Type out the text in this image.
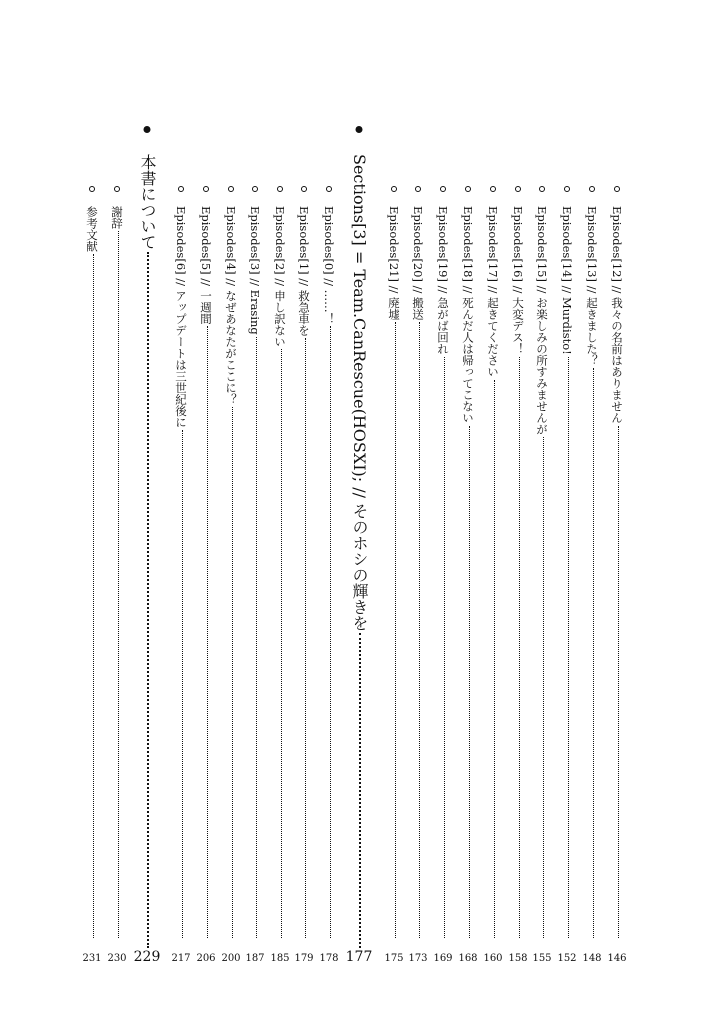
Episodes[12] // 我々の名前はありません
146
Episodes[13] // 起きました？
148
Episodes[14] // Murdisto!
152
Episodes[15] // お楽しみの所すみませんが
155
Episodes[16] // 大変デス！
158
Episodes[17] // 起きてください
160
Episodes[18] // 死んだ人は帰ってこない
168
Episodes[19] // 急がば回れ
169
Episodes[20] // 搬送
173
Episodes[21] // 廃墟
175
Sections[3] = Team.CanRescue(HOSXI); // そのホシの輝きを
177
Episodes[0] // ……！
178
Episodes[1] // 救急車を
179
Episodes[2] // 申し訳ない
185
Episodes[3] // Erasing
187
Episodes[4] // なぜあなたがここに？
200
Episodes[5] // 一週間
206
Episodes[6] // アップデートは三世紀後に
217
本書について
229
謝辞
230
参考文献
231
